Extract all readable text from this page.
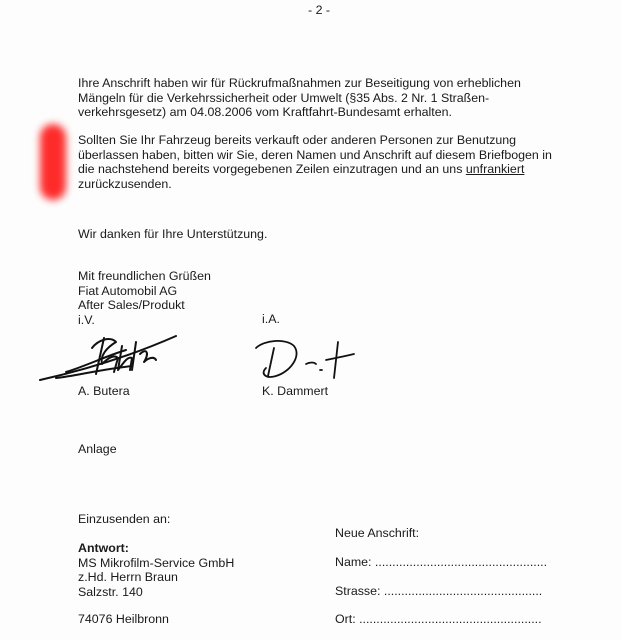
- 2 -
Ihre Anschrift haben wir für Rückrufmaßnahmen zur Beseitigung von erheblichen
Mängeln für die Verkehrssicherheit oder Umwelt (§35 Abs. 2 Nr. 1 Straßen-
verkehrsgesetz) am 04.08.2006 vom Kraftfahrt-Bundesamt erhalten.
Sollten Sie Ihr Fahrzeug bereits verkauft oder anderen Personen zur Benutzung
überlassen haben, bitten wir Sie, deren Namen und Anschrift auf diesem Briefbogen in
die nachstehend bereits vorgegebenen Zeilen einzutragen und an uns unfrankiert
zurückzusenden.
Wir danken für Ihre Unterstützung.
Mit freundlichen Grüßen
Fiat Automobil AG
After Sales/Produkt
i.V.	i.A.
A. Butera	K. Dammert
Anlage
Einzusenden an:
Antwort:
MS Mikrofilm-Service GmbH
z.Hd. Herrn Braun
Salzstr. 140
74076 Heilbronn
Neue Anschrift:
Name: ..................................................
Strasse: ..............................................
Ort: .....................................................
